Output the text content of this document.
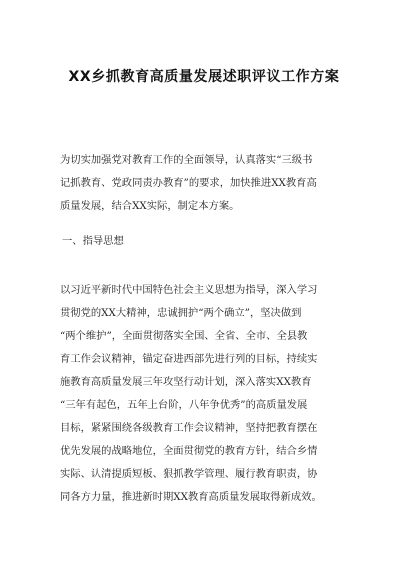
XX乡抓教育高质量发展述职评议工作方案

为切实加强党对教育工作的全面领导，认真落实“三级书
记抓教育、党政同责办教育”的要求，加快推进XX教育高
质量发展，结合XX实际，制定本方案。

一、指导思想

以习近平新时代中国特色社会主义思想为指导，深入学习
贯彻党的XX大精神，忠诚拥护“两个确立”，坚决做到
“两个维护”，全面贯彻落实全国、全省、全市、全县教
育工作会议精神，锚定奋进西部先进行列的目标，持续实
施教育高质量发展三年攻坚行动计划，深入落实XX教育
“三年有起色，五年上台阶，八年争优秀”的高质量发展
目标，紧紧围绕各级教育工作会议精神，坚持把教育摆在
优先发展的战略地位，全面贯彻党的教育方针，结合乡情
实际、认清提质短板、狠抓教学管理、履行教育职责，协
同各方力量，推进新时期XX教育高质量发展取得新成效。
